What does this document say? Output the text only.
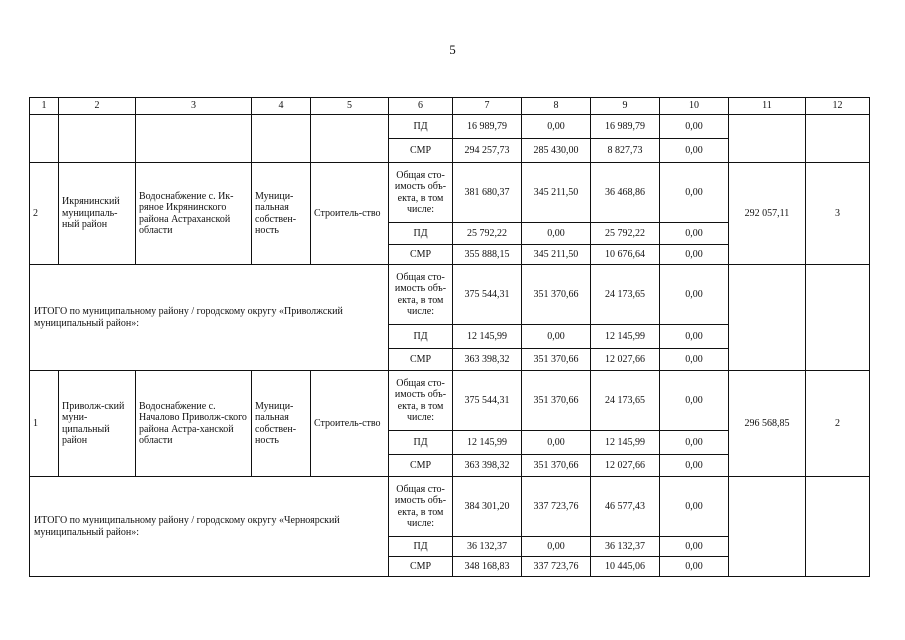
5
1	2	3	4	5	6	7	8	9	10	11	12
					ПД	16 989,79	0,00	16 989,79	0,00		
					СМР	294 257,73	285 430,00	8 827,73	0,00		
2	Икрянинский муниципаль-ный район	Водоснабжение с. Ик-ряное Икрянинского района Астраханской области	Муници-пальная собствен-ность	Строитель-ство	Общая сто-имость объ-екта, в том числе:	381 680,37	345 211,50	36 468,86	0,00	292 057,11	3
					ПД	25 792,22	0,00	25 792,22	0,00		
					СМР	355 888,15	345 211,50	10 676,64	0,00		
ИТОГО по муниципальному району / городскому округу «Приволжский муниципальный район»:					Общая сто-имость объ-екта, в том числе:	375 544,31	351 370,66	24 173,65	0,00		
					ПД	12 145,99	0,00	12 145,99	0,00		
					СМР	363 398,32	351 370,66	12 027,66	0,00		
1	Приволж-ский муни-ципальный район	Водоснабжение с. Началово Приволж-ского района Астра-ханской области	Муници-пальная собствен-ность	Строитель-ство	Общая сто-имость объ-екта, в том числе:	375 544,31	351 370,66	24 173,65	0,00	296 568,85	2
					ПД	12 145,99	0,00	12 145,99	0,00		
					СМР	363 398,32	351 370,66	12 027,66	0,00		
ИТОГО по муниципальному району / городскому округу «Черноярский муниципальный район»:					Общая сто-имость объ-екта, в том числе:	384 301,20	337 723,76	46 577,43	0,00		
					ПД	36 132,37	0,00	36 132,37	0,00		
					СМР	348 168,83	337 723,76	10 445,06	0,00		
